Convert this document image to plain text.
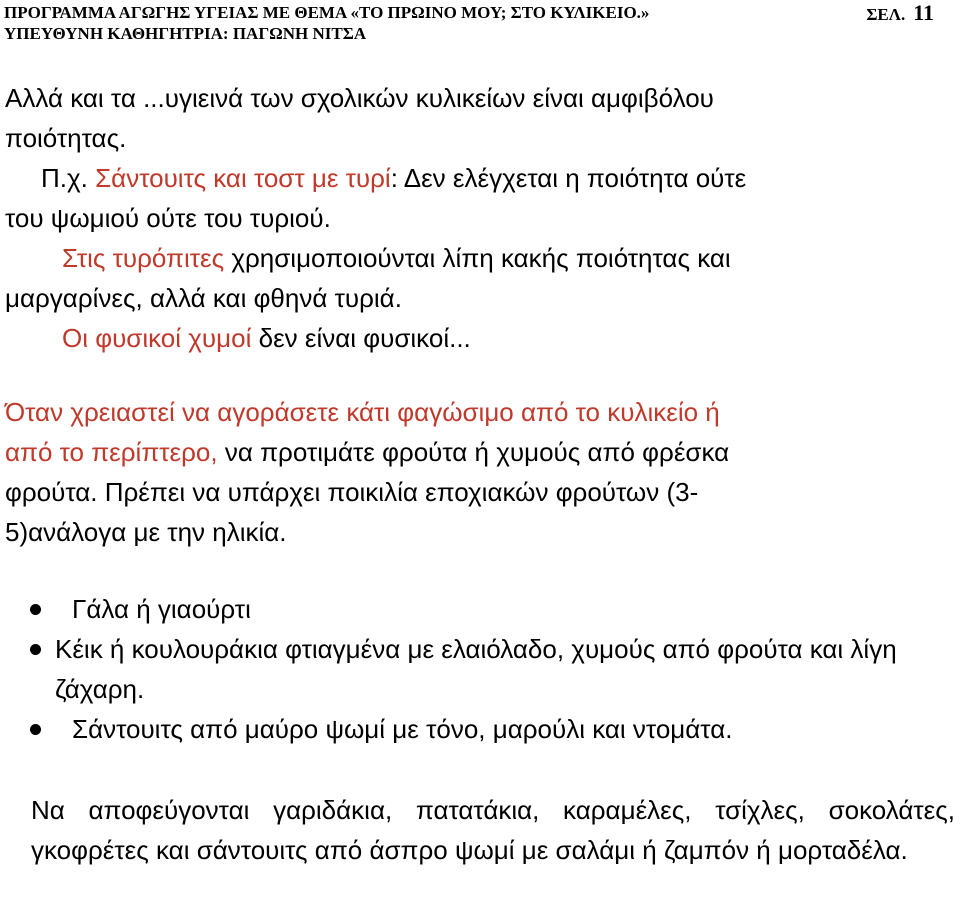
ΠΡΟΓΡΑΜΜΑ ΑΓΩΓΗΣ ΥΓΕΙΑΣ ΜΕ ΘΕΜΑ «ΤΟ ΠΡΩΙΝΟ ΜΟΥ; ΣΤΟ ΚΥΛΙΚΕΙΟ.»	ΣΕΛ. 11
ΥΠΕΥΘΥΝΗ ΚΑΘΗΓΗΤΡΙΑ: ΠΑΓΩΝΗ ΝΙΤΣΑ
Αλλά και τα ...υγιεινά των σχολικών κυλικείων είναι αμφιβόλου
ποιότητας.
Π.χ. Σάντουιτς και τοστ με τυρί: Δεν ελέγχεται η ποιότητα ούτε
του ψωμιού ούτε του τυριού.
Στις τυρόπιτες χρησιμοποιούνται λίπη κακής ποιότητας και
μαργαρίνες, αλλά και φθηνά τυριά.
Οι φυσικοί χυμοί δεν είναι φυσικοί...
Όταν χρειαστεί να αγοράσετε κάτι φαγώσιμο από το κυλικείο ή
από το περίπτερο, να προτιμάτε φρούτα ή χυμούς από φρέσκα
φρούτα. Πρέπει να υπάρχει ποικιλία εποχιακών φρούτων (3-
5)ανάλογα με την ηλικία.
Γάλα ή γιαούρτι
Κέικ ή κουλουράκια φτιαγμένα με ελαιόλαδο, χυμούς από φρούτα και λίγη ζάχαρη.
Σάντουιτς από μαύρο ψωμί με τόνο, μαρούλι και ντομάτα.
Να αποφεύγονται γαριδάκια, πατατάκια, καραμέλες, τσίχλες, σοκολάτες, γκοφρέτες και σάντουιτς από άσπρο ψωμί με σαλάμι ή ζαμπόν ή μορταδέλα.
